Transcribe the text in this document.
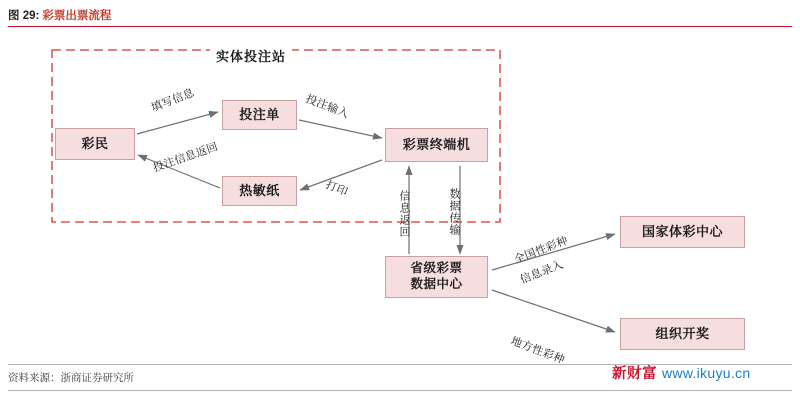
图 29: 彩票出票流程
实体投注站
彩民
投注单
热敏纸
彩票终端机
省级彩票
数据中心
国家体彩中心
组织开奖
填写信息
投注信息返回
投注输入
打印
信息返回	数据传输
全国性彩种
信息录入
地方性彩种
资料来源：浙商证券研究所	新财富 www.ikuyu.cn
